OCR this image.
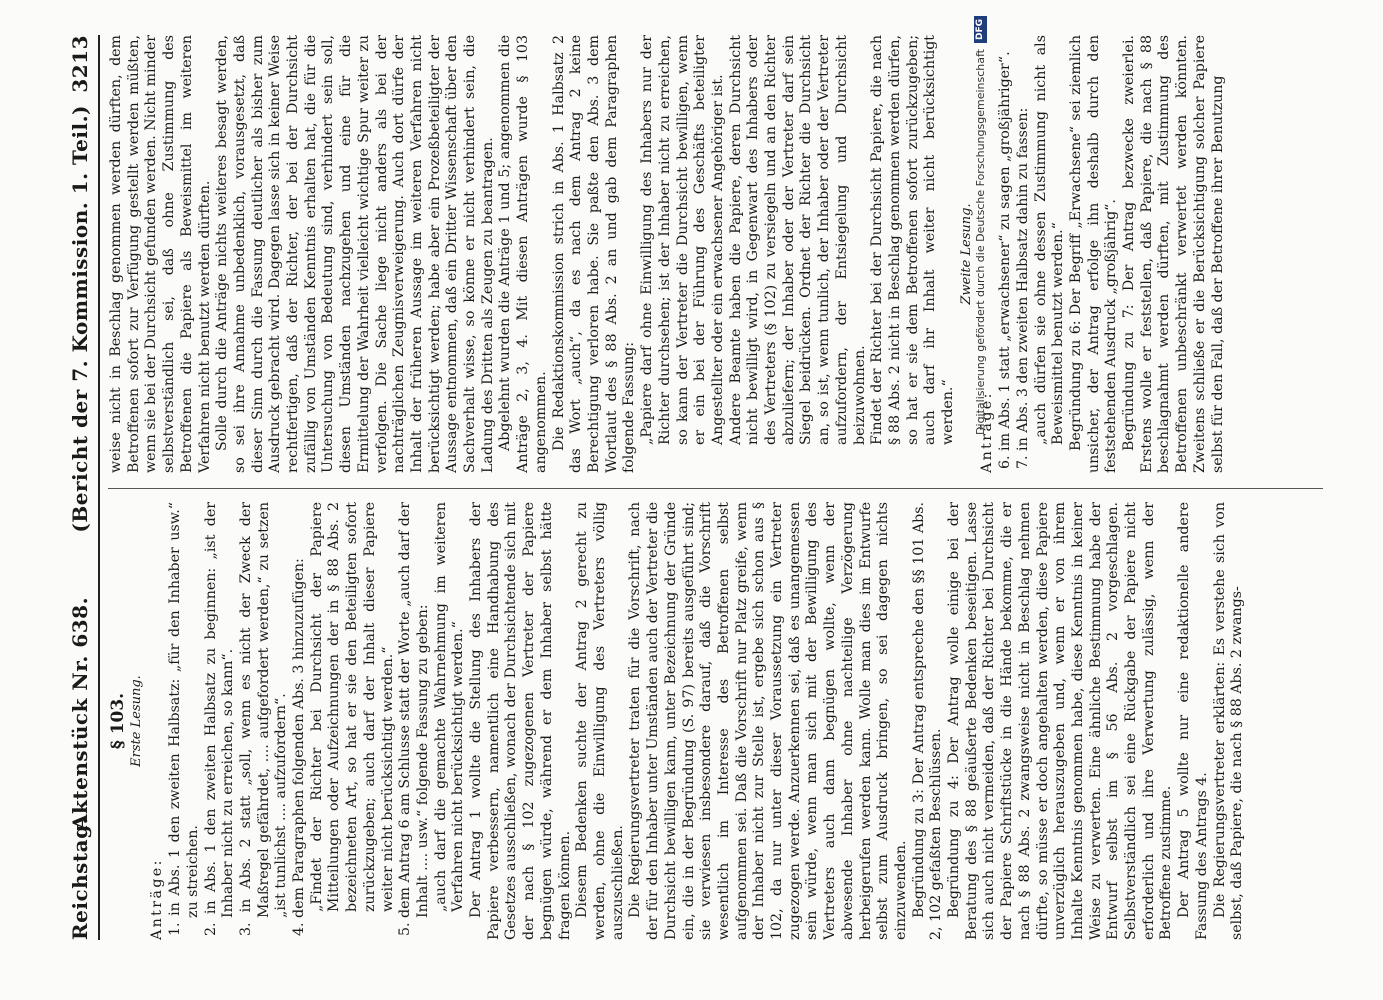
Reichstag.
Aktenstück Nr. 638.
(Bericht der 7. Kommission. 1. Teil.)
3213
§ 103. Erste Lesung.

Anträge: 1. in Abs. 1 den zweiten Halbsatz: „für den Inhaber usw.“ zu streichen. 2. in Abs. 1 den zweiten Halbsatz zu beginnen: „ist der Inhaber nicht zu erreichen, so kann“. 3. in Abs. 2 statt „soll, wenn es nicht der Zweck der Maßregel gefährdet, .... aufgefordert werden,“ zu setzen „ist tunlichst .... aufzufordern“. 4. dem Paragraphen folgenden Abs. 3 hinzuzufügen: „Findet der Richter bei Durchsicht der Papiere Mitteilungen oder Aufzeichnungen der in § 88 Abs. 2 bezeichneten Art, so hat er sie den Beteiligten sofort zurückzugeben; auch darf der Inhalt dieser Papiere weiter nicht berücksichtigt werden.“ 5. dem Antrag 6 am Schlusse statt der Worte „auch darf der Inhalt .... usw.“ folgende Fassung zu geben: „auch darf die gemachte Wahrnehmung im weiteren Verfahren nicht berücksichtigt werden.“ Der Antrag 1 wollte die Stellung des Inhabers der Papiere verbessern, namentlich eine Handhabung des Gesetzes ausschließen, wonach der Durchsichtende sich mit der nach § 102 zugezogenen Vertreter der Papiere begnügen würde, während er dem Inhaber selbst hätte fragen können. Diesem Bedenken suchte der Antrag 2 gerecht zu werden, ohne die Einwilligung des Vertreters völlig auszuschließen. Die Regierungsvertreter traten für die Vorschrift, nach der für den Inhaber unter Umständen auch der Vertreter die Durchsicht bewilligen kann, unter Bezeichnung der Gründe ein, die in der Begründung (S. 97) bereits ausgeführt sind; sie verwiesen insbesondere darauf, daß die Vorschrift wesentlich im Interesse des Betroffenen selbst aufgenommen sei. Daß die Vorschrift nur Platz greife, wenn der Inhaber nicht zur Stelle ist, ergebe sich schon aus § 102, da nur unter dieser Voraussetzung ein Vertreter zugezogen werde. Anzuerkennen sei, daß es unangemessen sein würde, wenn man sich mit der Bewilligung des Vertreters auch dann begnügen wollte, wenn der abwesende Inhaber ohne nachteilige Verzögerung herbeigerufen werden kann. Wolle man dies im Entwurfe selbst zum Ausdruck bringen, so sei dagegen nichts einzuwenden. Begründung zu 3: Der Antrag entspreche den §§ 101 Abs. 2, 102 gefaßten Beschlüssen. Begründung zu 4: Der Antrag wolle einige bei der Beratung des § 88 geäußerte Bedenken beseitigen. Lasse sich auch nicht vermeiden, daß der Richter bei Durchsicht der Papiere Schriftstücke in die Hände bekomme, die er nach § 88 Abs. 2 zwangsweise nicht in Beschlag nehmen dürfte, so müsse er doch angehalten werden, diese Papiere unverzüglich herauszugeben und, wenn er von ihrem Inhalte Kenntnis genommen habe, diese Kenntnis in keiner Weise zu verwerten. Eine ähnliche Bestimmung habe der Entwurf selbst im § 56 Abs. 2 vorgeschlagen. Selbstverständlich sei eine Rückgabe der Papiere nicht erforderlich und ihre Verwertung zulässig, wenn der Betroffene zustimme. Der Antrag 5 wollte nur eine redaktionelle andere Fassung des Antrags 4. Die Regierungsvertreter erklärten: Es verstehe sich von selbst, daß Papiere, die nach § 88 Abs. 2 zwangs-

weise nicht in Beschlag genommen werden dürften, dem Betroffenen sofort zur Verfügung gestellt werden müßten, wenn sie bei der Durchsicht gefunden werden. Nicht minder selbstverständlich sei, daß ohne Zustimmung des Betroffenen die Papiere als Beweismittel im weiteren Verfahren nicht benutzt werden dürften. Solle durch die Anträge nichts weiteres besagt werden, so sei ihre Annahme unbedenklich, vorausgesetzt, daß dieser Sinn durch die Fassung deutlicher als bisher zum Ausdruck gebracht wird. Dagegen lasse sich in keiner Weise rechtfertigen, daß der Richter, der bei der Durchsicht zufällig von Umständen Kenntnis erhalten hat, die für die Untersuchung von Bedeutung sind, verhindert sein soll, diesen Umständen nachzugehen und eine für die Ermittelung der Wahrheit vielleicht wichtige Spur weiter zu verfolgen. Die Sache liege nicht anders als bei der nachträglichen Zeugnisverweigerung. Auch dort dürfe der Inhalt der früheren Aussage im weiteren Verfahren nicht berücksichtigt werden; habe aber ein Prozeßbeteiligter der Aussage entnommen, daß ein Dritter Wissenschaft über den Sachverhalt wisse, so könne er nicht verhindert sein, die Ladung des Dritten als Zeugen zu beantragen. Abgelehnt wurden die Anträge 1 und 5; angenommen die Anträge 2, 3, 4. Mit diesen Anträgen wurde § 103 angenommen. Die Redaktionskommission strich in Abs. 1 Halbsatz 2 das Wort „auch“, da es nach dem Antrag 2 keine Berechtigung verloren habe. Sie paßte den Abs. 3 dem Wortlaut des § 88 Abs. 2 an und gab dem Paragraphen folgende Fassung: „Papiere darf ohne Einwilligung des Inhabers nur der Richter durchsehen; ist der Inhaber nicht zu erreichen, so kann der Vertreter die Durchsicht bewilligen, wenn er ein bei der Führung des Geschäfts beteiligter Angestellter oder ein erwachsener Angehöriger ist. Andere Beamte haben die Papiere, deren Durchsicht nicht bewilligt wird, in Gegenwart des Inhabers oder des Vertreters (§ 102) zu versiegeln und an den Richter abzuliefern; der Inhaber oder der Vertreter darf sein Siegel beidrücken. Ordnet der Richter die Durchsicht an, so ist, wenn tunlich, der Inhaber oder der Vertreter aufzufordern, der Entsiegelung und Durchsicht beizuwohnen. Findet der Richter bei der Durchsicht Papiere, die nach § 88 Abs. 2 nicht in Beschlag genommen werden dürfen, so hat er sie dem Betroffenen sofort zurückzugeben; auch darf ihr Inhalt weiter nicht berücksichtigt werden.“
Zweite Lesung.

Anträge: 6. im Abs. 1 statt „erwachsener“ zu sagen „großjähriger“. 7. in Abs. 3 den zweiten Halbsatz dahin zu fassen: „auch dürfen sie ohne dessen Zustimmung nicht als Beweismittel benutzt werden.“ Begründung zu 6: Der Begriff „Erwachsene“ sei ziemlich unsicher, der Antrag erfolge ihn deshalb durch den feststehenden Ausdruck „großjährig“. Begründung zu 7: Der Antrag bezwecke zweierlei. Erstens wolle er feststellen, daß Papiere, die nach § 88 beschlagnahmt werden dürften, mit Zustimmung des Betroffenen unbeschränkt verwertet werden könnten. Zweitens schließe er die Berücksichtigung solcher Papiere selbst für den Fall, daß der Betroffene ihrer Benutzung

Digitalisierung gefördert durch die Deutsche Forschungsgemeinschaft
DFG
